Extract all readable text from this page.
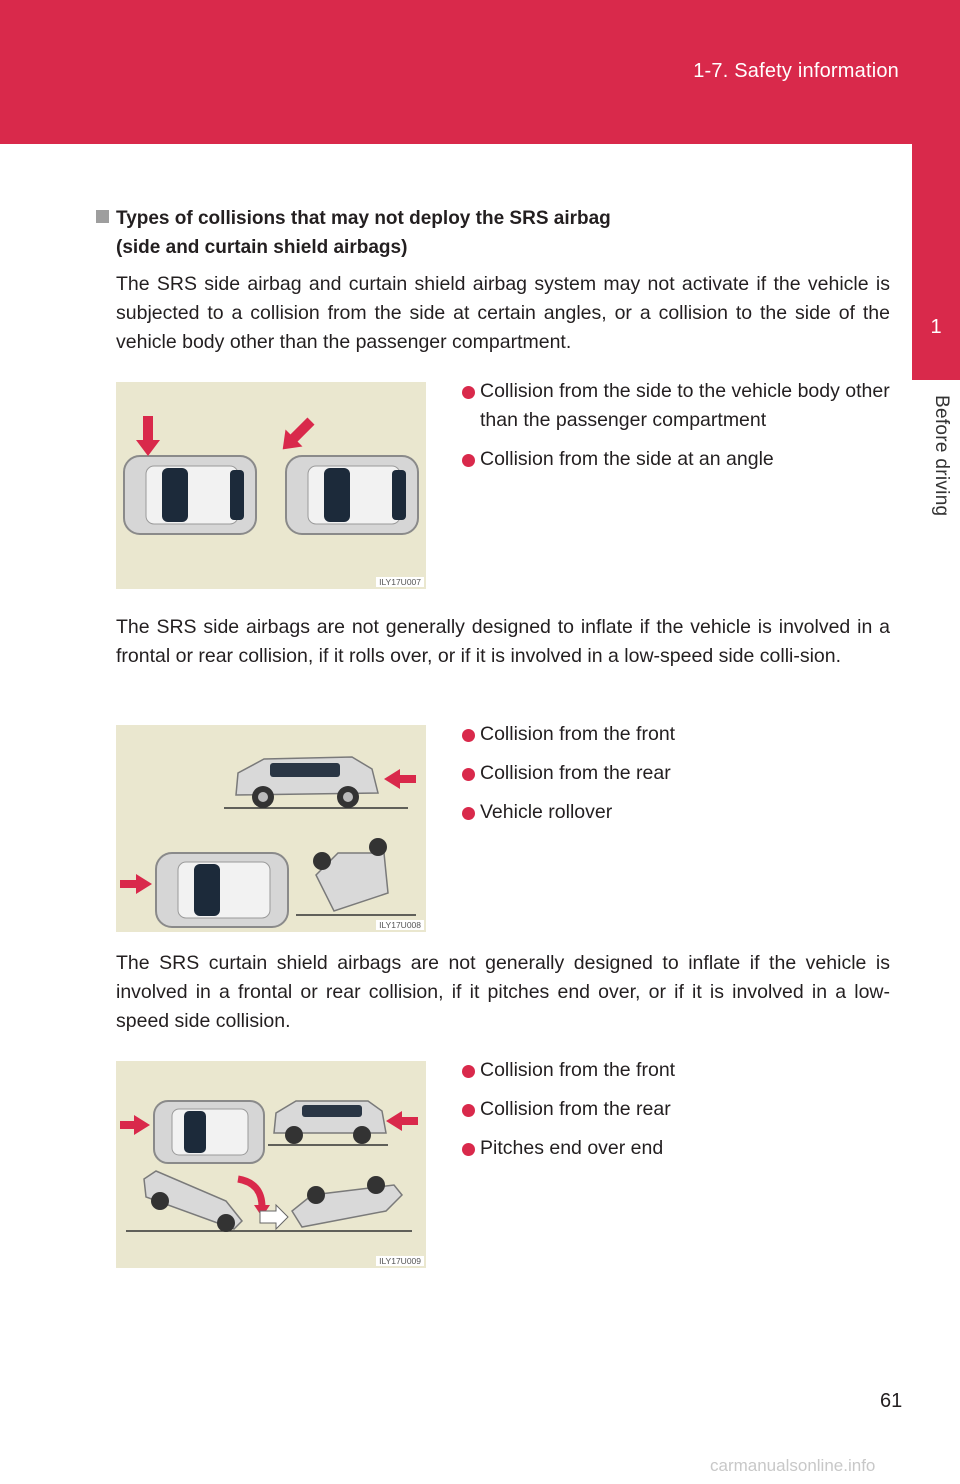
1-7. Safety information
1
Before driving
Types of collisions that may not deploy the SRS airbag
(side and curtain shield airbags)

The SRS side airbag and curtain shield airbag system may not activate if the vehicle is subjected to a collision from the side at certain angles, or a collision to the side of the vehicle body other than the passenger compartment.

ILY17U007
Collision from the side to the vehicle body other than the passenger compartment
Collision from the side at an angle

The SRS side airbags are not generally designed to inflate if the vehicle is involved in a frontal or rear collision, if it rolls over, or if it is involved in a low-speed side colli-sion.

ILY17U008
Collision from the front
Collision from the rear
Vehicle rollover

The SRS curtain shield airbags are not generally designed to inflate if the vehicle is involved in a frontal or rear collision, if it pitches end over, or if it is involved in a low-speed side collision.

ILY17U009
Collision from the front
Collision from the rear
Pitches end over end
61
carmanualsonline.info
